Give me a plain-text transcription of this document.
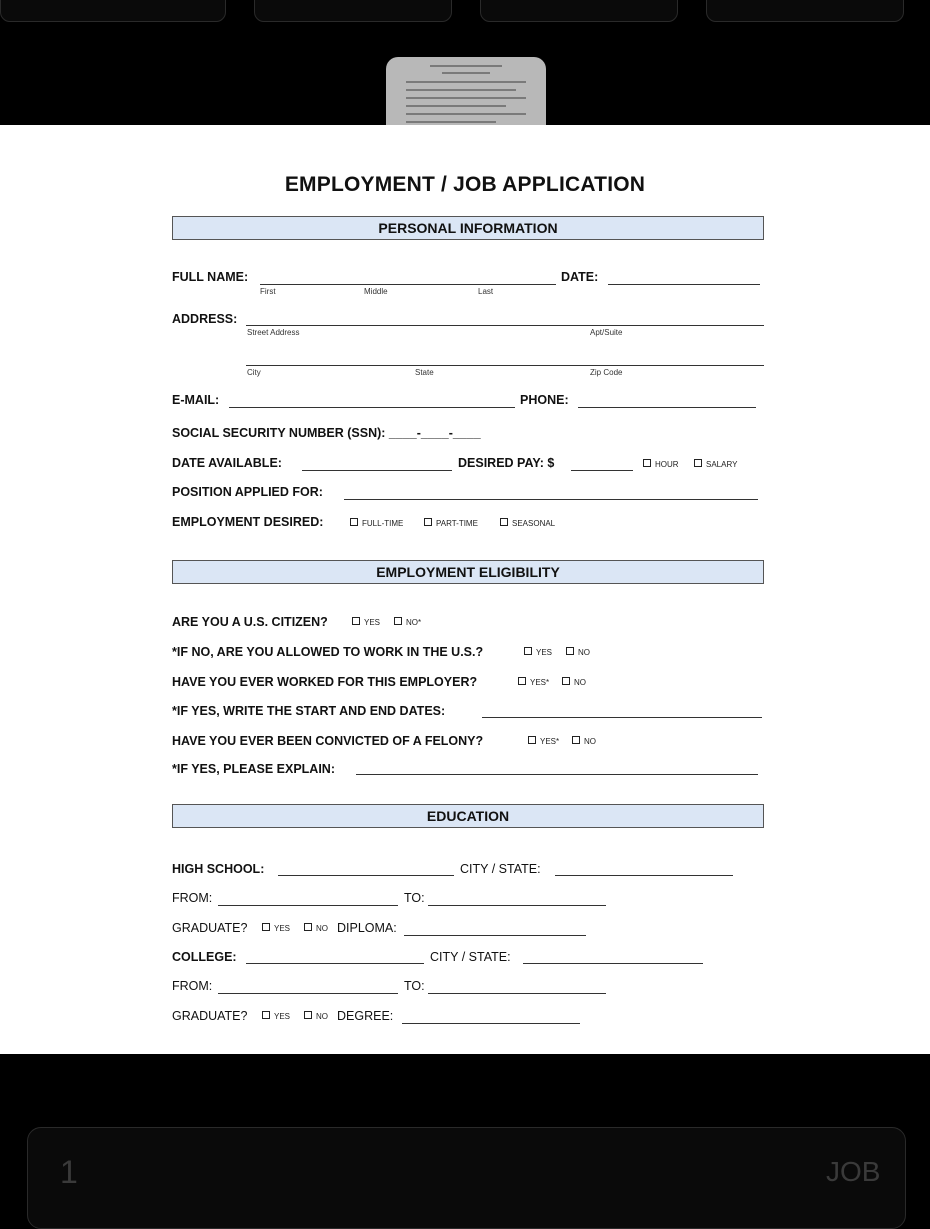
EMPLOYMENT / JOB APPLICATION
PERSONAL INFORMATION
FULL NAME:
First	Middle	Last
DATE:
ADDRESS:
Street Address	Apt/Suite
City	State	Zip Code
E-MAIL:	PHONE:
SOCIAL SECURITY NUMBER (SSN): ____-____-____
DATE AVAILABLE:	DESIRED PAY: $	HOUR	SALARY
POSITION APPLIED FOR:
EMPLOYMENT DESIRED:	FULL-TIME	PART-TIME	SEASONAL
EMPLOYMENT ELIGIBILITY
ARE YOU A U.S. CITIZEN?	YES	NO*
*IF NO, ARE YOU ALLOWED TO WORK IN THE U.S.?	YES	NO
HAVE YOU EVER WORKED FOR THIS EMPLOYER?	YES*	NO
*IF YES, WRITE THE START AND END DATES:
HAVE YOU EVER BEEN CONVICTED OF A FELONY?	YES*	NO
*IF YES, PLEASE EXPLAIN:
EDUCATION
HIGH SCHOOL:	CITY / STATE:
FROM:	TO:
GRADUATE?	YES	NO DIPLOMA:
COLLEGE:	CITY / STATE:
FROM:	TO:
GRADUATE?	YES	NO DEGREE:
1	JOB
